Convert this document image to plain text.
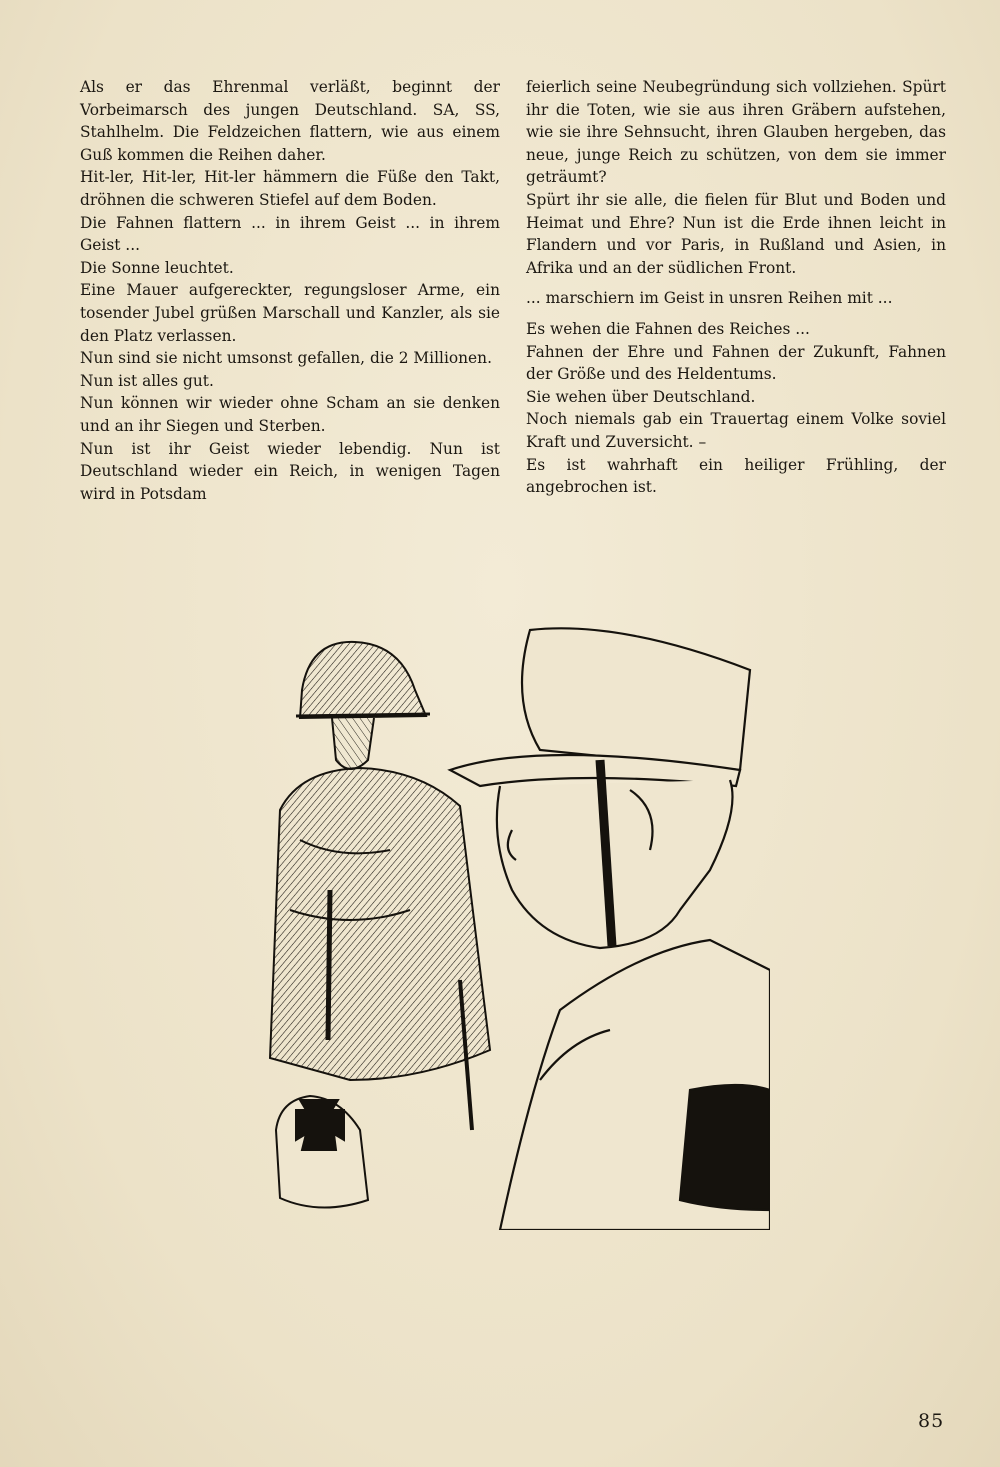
Als er das Ehrenmal verläßt, beginnt der Vorbeimarsch des jungen Deutschland. SA, SS, Stahlhelm. Die Feldzeichen flattern, wie aus einem Guß kommen die Reihen daher.

Hit-ler, Hit-ler, Hit-ler hämmern die Füße den Takt, dröhnen die schweren Stiefel auf dem Boden.

Die Fahnen flattern ... in ihrem Geist ... in ihrem Geist ...

Die Sonne leuchtet.

Eine Mauer aufgereckter, regungsloser Arme, ein tosender Jubel grüßen Marschall und Kanzler, als sie den Platz verlassen.

Nun sind sie nicht umsonst gefallen, die 2 Millionen.

Nun ist alles gut.

Nun können wir wieder ohne Scham an sie denken und an ihr Siegen und Sterben.

Nun ist ihr Geist wieder lebendig. Nun ist Deutschland wieder ein Reich, in wenigen Tagen wird in Potsdam

feierlich seine Neubegründung sich vollziehen. Spürt ihr die Toten, wie sie aus ihren Gräbern aufstehen, wie sie ihre Sehnsucht, ihren Glauben hergeben, das neue, junge Reich zu schützen, von dem sie immer geträumt?

Spürt ihr sie alle, die fielen für Blut und Boden und Heimat und Ehre? Nun ist die Erde ihnen leicht in Flandern und vor Paris, in Rußland und Asien, in Afrika und an der südlichen Front.

... marschiern im Geist in unsren Reihen mit ...

Es wehen die Fahnen des Reiches ...

Fahnen der Ehre und Fahnen der Zukunft, Fahnen der Größe und des Heldentums.

Sie wehen über Deutschland.

Noch niemals gab ein Trauertag einem Volke soviel Kraft und Zuversicht. –

Es ist wahrhaft ein heiliger Frühling, der angebrochen ist.

85
